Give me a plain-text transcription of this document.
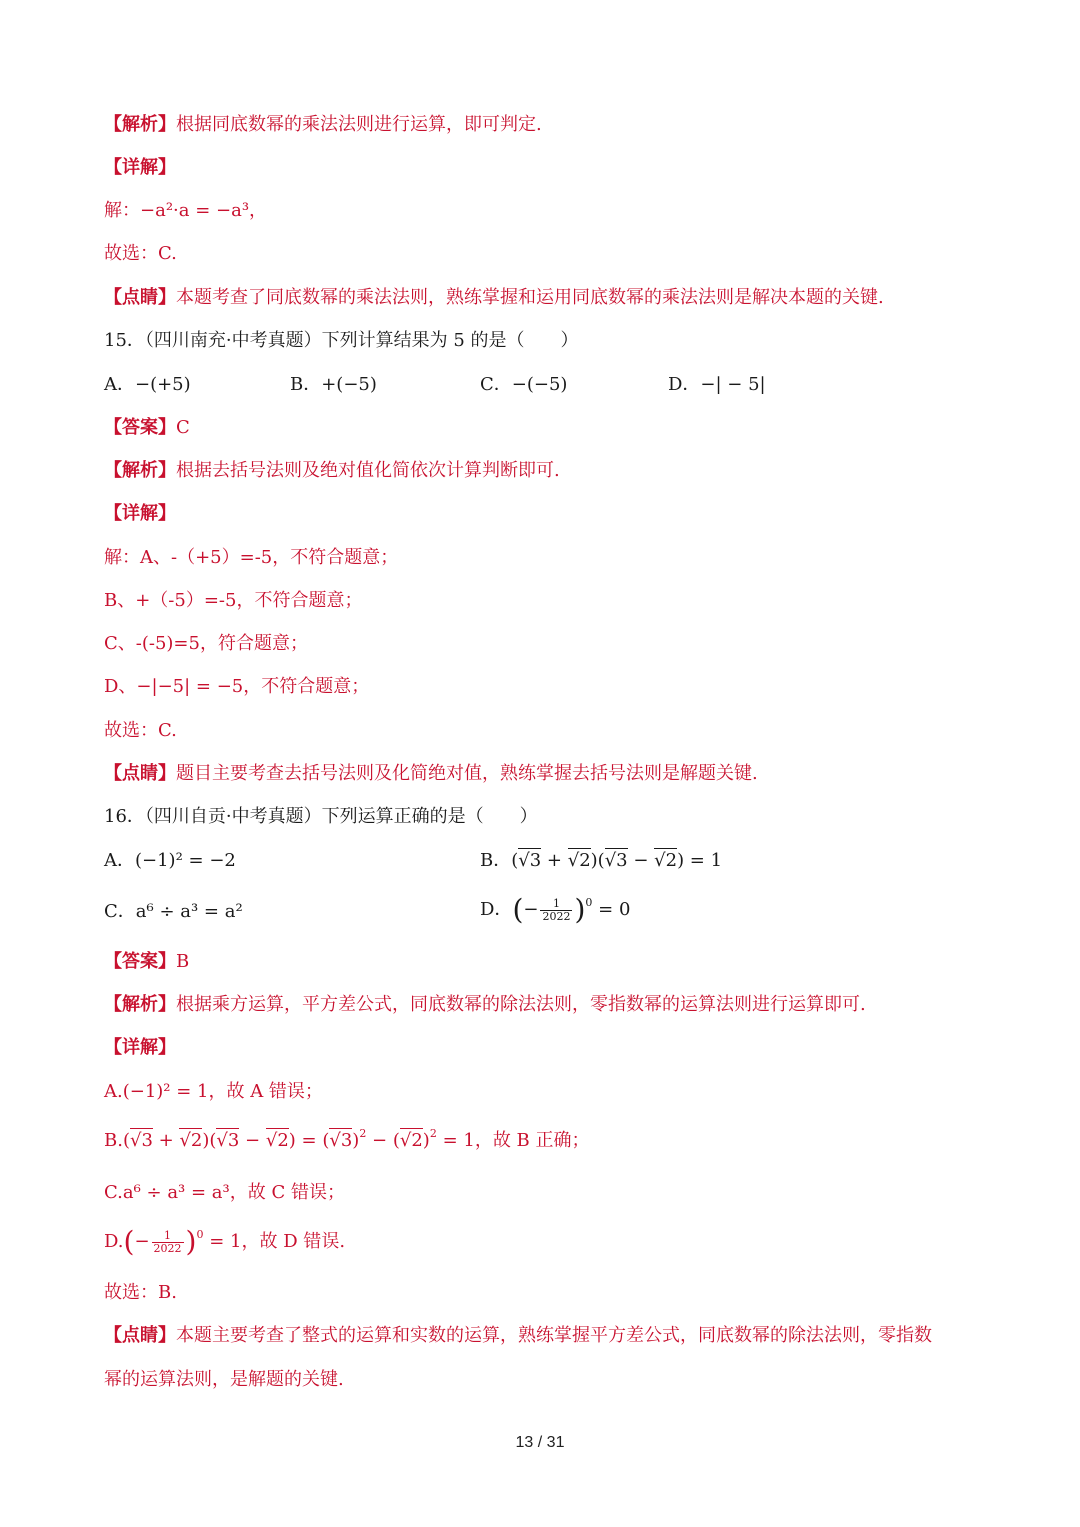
【解析】根据同底数幂的乘法法则进行运算，即可判定.
【详解】
解：−a²·a = −a³，
故选：C.
【点睛】本题考查了同底数幂的乘法法则，熟练掌握和运用同底数幂的乘法法则是解决本题的关键.
15．（四川南充·中考真题）下列计算结果为 5 的是（　　）
A．−(+5)	B．+(−5)	C．−(−5)	D．−| − 5|
【答案】C
【解析】根据去括号法则及绝对值化简依次计算判断即可.
【详解】
解：A、-（+5）=-5，不符合题意；
B、+（-5）=-5，不符合题意；
C、-(-5)=5，符合题意；
D、−|−5| = −5，不符合题意；
故选：C.
【点睛】题目主要考查去括号法则及化简绝对值，熟练掌握去括号法则是解题关键.
16．（四川自贡·中考真题）下列运算正确的是（　　）
A．(−1)² = −2	B．(√3 + √2)(√3 − √2) = 1
C．a⁶ ÷ a³ = a²	D．(− $\frac{1}{2022} )^0 = 0$
【答案】B
【解析】根据乘方运算，平方差公式，同底数幂的除法法则，零指数幂的运算法则进行运算即可.
【详解】
A.(−1)² = 1，故 A 错误；
$B.(√3 + √2)(√3 - √2) = (√3)^2 - (√2)^2 = 1$，故 B 正确；
C.a⁶ ÷ a³ = a³，故 C 错误；
$D.(- \frac{1}{2022} )^0 = 1$，故 D 错误.
故选：B.
【点睛】本题主要考查了整式的运算和实数的运算，熟练掌握平方差公式，同底数幂的除法法则，零指数
幂的运算法则，是解题的关键.
13 / 31
